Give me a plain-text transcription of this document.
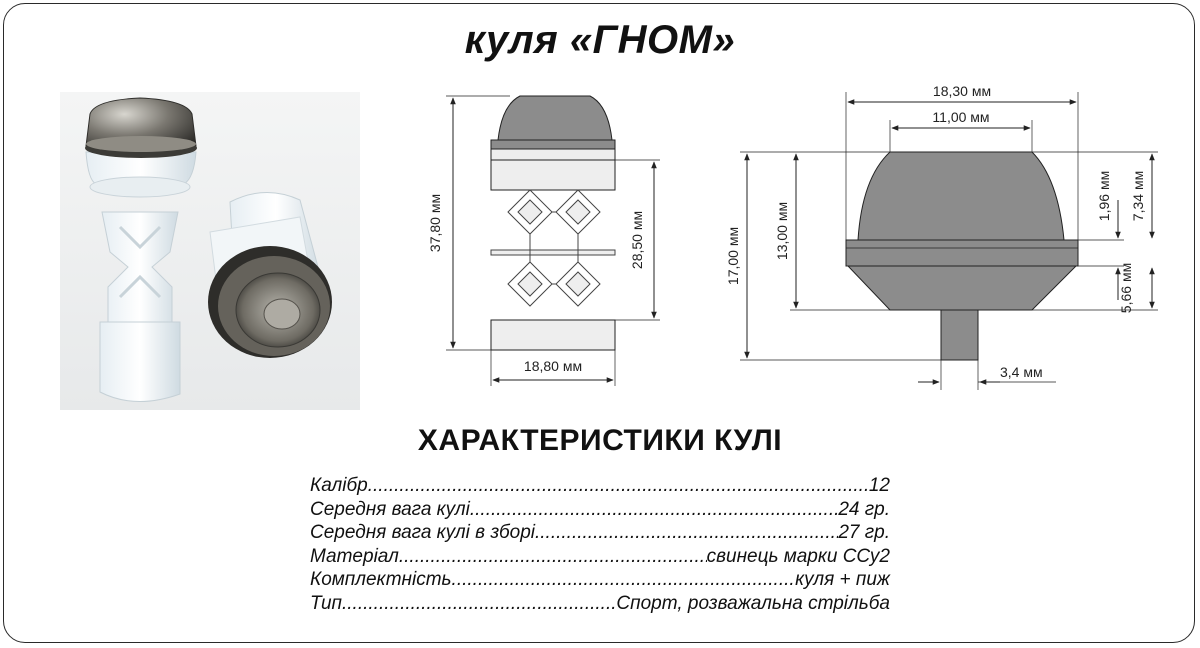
куля «ГНОМ»
37,80 мм	28,50 мм
18,80 мм
18,30 мм
11,00 мм
17,00 мм 13,00 мм
1,96 мм 7,34 мм
5,66 мм
3,4 мм
ХАРАКТЕРИСТИКИ КУЛІ
Калібр .....	12
Середня вага кулі .....	24 гр.
Середня вага кулі в зборі .....	27 гр.
Матеріал .....	свинець марки ССу2
Комплектність .....	куля + пиж
Тип .....	Спорт, розважальна стрільба
